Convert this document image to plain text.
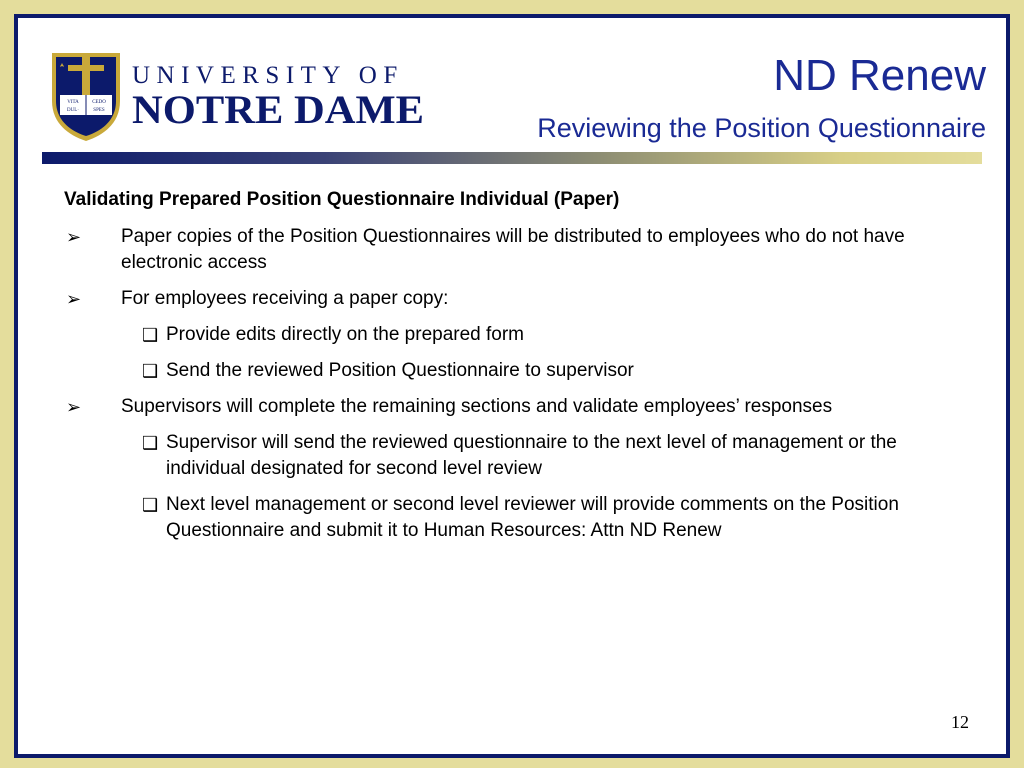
VITA	CEDO
DUL·	SPES
UNIVERSITY OF
NOTRE DAME
ND Renew
Reviewing the Position Questionnaire
Validating Prepared Position Questionnaire Individual (Paper)
➢ Paper copies of the Position Questionnaires will be distributed to employees who do not have electronic access
➢ For employees receiving a paper copy:
❑ Provide edits directly on the prepared form
❑ Send the reviewed Position Questionnaire to supervisor
➢ Supervisors will complete the remaining sections and validate employees’ responses
❑ Supervisor will send the reviewed questionnaire to the next level of management or the individual designated for second level review
❑ Next level management or second level reviewer will provide comments on the Position Questionnaire and submit it to Human Resources: Attn ND Renew
12
